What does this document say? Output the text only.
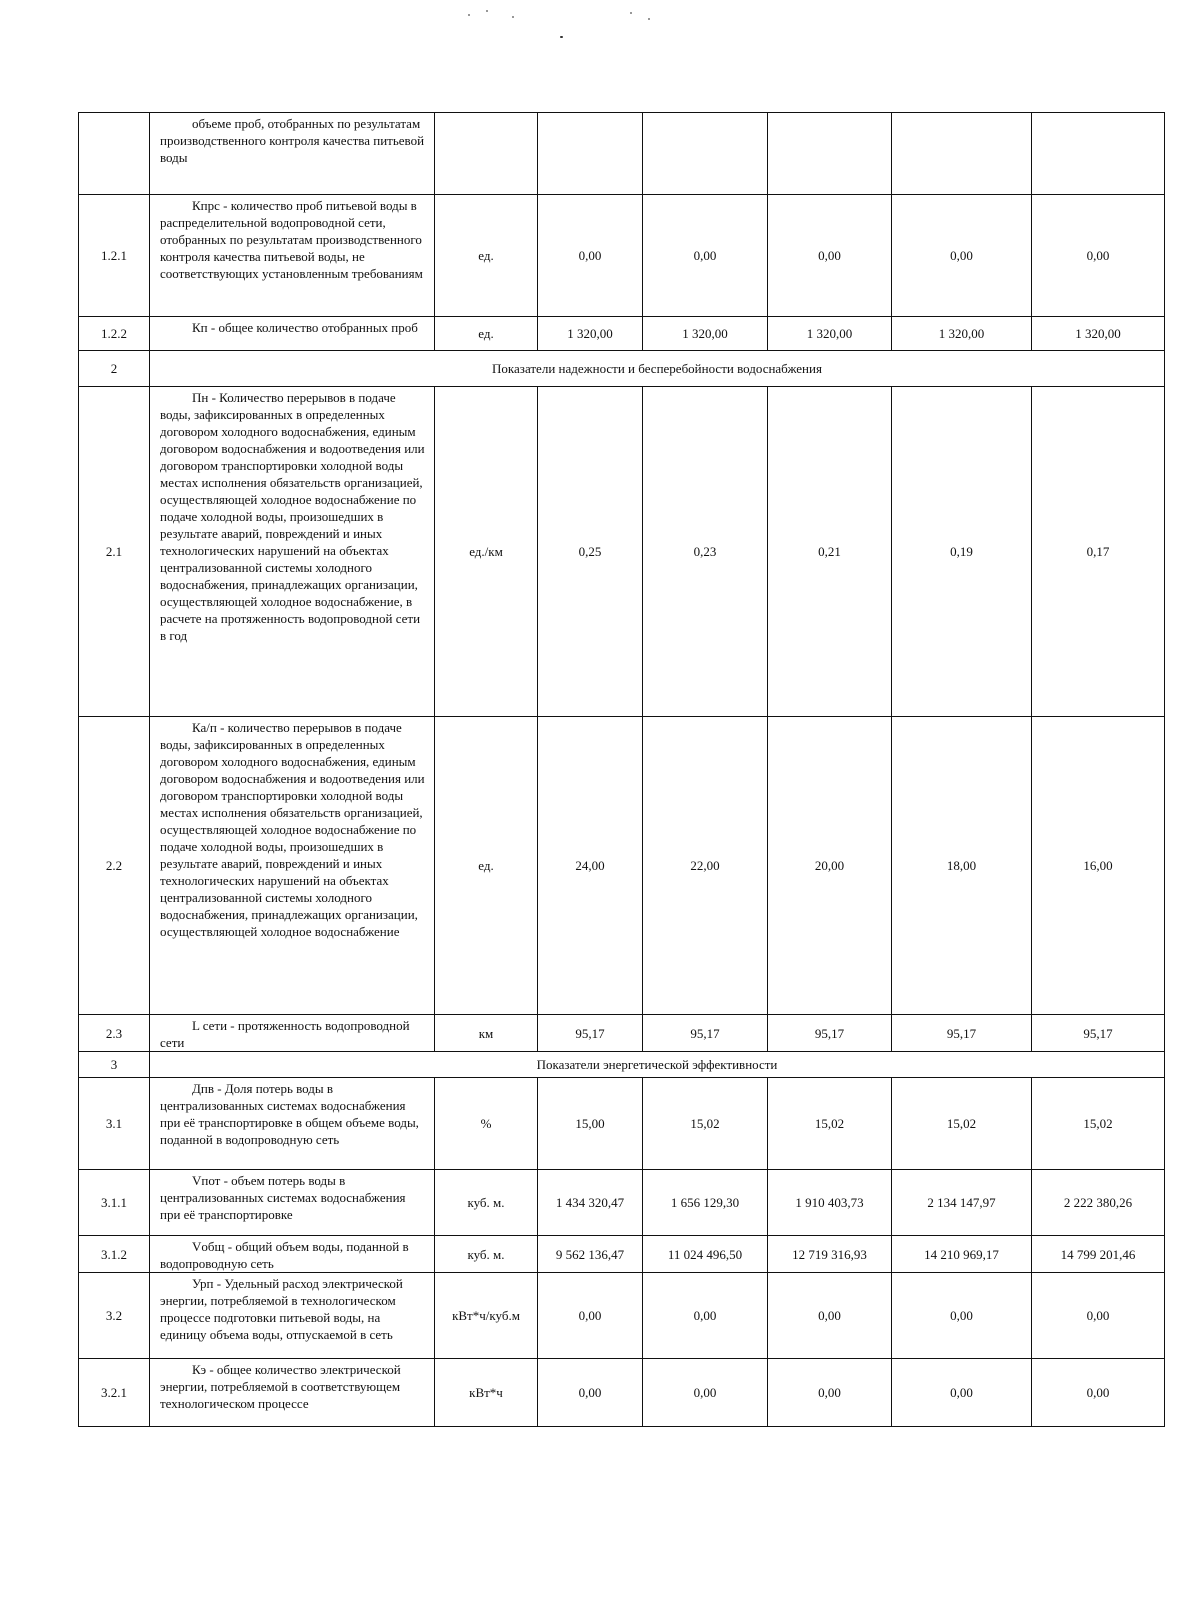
	объеме проб, отобранных по результатам производственного контроля качества питьевой воды						
1.2.1	Кпрс - количество проб питьевой воды в распределительной водопроводной сети, отобранных по результатам производственного контроля качества питьевой воды, не соответствующих установленным требованиям	ед.	0,00	0,00	0,00	0,00	0,00
1.2.2	Кп - общее количество отобранных проб	ед.	1 320,00	1 320,00	1 320,00	1 320,00	1 320,00
2	Показатели надежности и бесперебойности водоснабжения						
2.1	Пн - Количество перерывов в подаче воды, зафиксированных в определенных договором холодного водоснабжения, единым договором водоснабжения и водоотведения или договором транспортировки холодной воды местах исполнения обязательств организацией, осуществляющей холодное водоснабжение по подаче холодной воды, произошедших в результате аварий, повреждений и иных технологических нарушений на объектах централизованной системы холодного водоснабжения, принадлежащих организации, осуществляющей холодное водоснабжение, в расчете на протяженность водопроводной сети в год	ед./км	0,25	0,23	0,21	0,19	0,17
2.2	Ка/п - количество перерывов в подаче воды, зафиксированных в определенных договором холодного водоснабжения, единым договором водоснабжения и водоотведения или договором транспортировки холодной воды местах исполнения обязательств организацией, осуществляющей холодное водоснабжение по подаче холодной воды, произошедших в результате аварий, повреждений и иных технологических нарушений на объектах централизованной системы холодного водоснабжения, принадлежащих организации, осуществляющей холодное водоснабжение	ед.	24,00	22,00	20,00	18,00	16,00
2.3	L сети - протяженность водопроводной сети	км	95,17	95,17	95,17	95,17	95,17
3	Показатели энергетической эффективности						
3.1	Дпв - Доля потерь воды в централизованных системах водоснабжения при её транспортировке в общем объеме воды, поданной в водопроводную сеть	%	15,00	15,02	15,02	15,02	15,02
3.1.1	Vпот - объем потерь воды в централизованных системах водоснабжения при её транспортировке	куб. м.	1 434 320,47	1 656 129,30	1 910 403,73	2 134 147,97	2 222 380,26
3.1.2	Vобщ - общий объем воды, поданной в водопроводную сеть	куб. м.	9 562 136,47	11 024 496,50	12 719 316,93	14 210 969,17	14 799 201,46
3.2	Урп - Удельный расход электрической энергии, потребляемой в технологическом процессе подготовки питьевой воды, на единицу объема воды, отпускаемой в сеть	кВт*ч/куб.м	0,00	0,00	0,00	0,00	0,00
3.2.1	Кэ - общее количество электрической энергии, потребляемой в соответствующем технологическом процессе	кВт*ч	0,00	0,00	0,00	0,00	0,00
